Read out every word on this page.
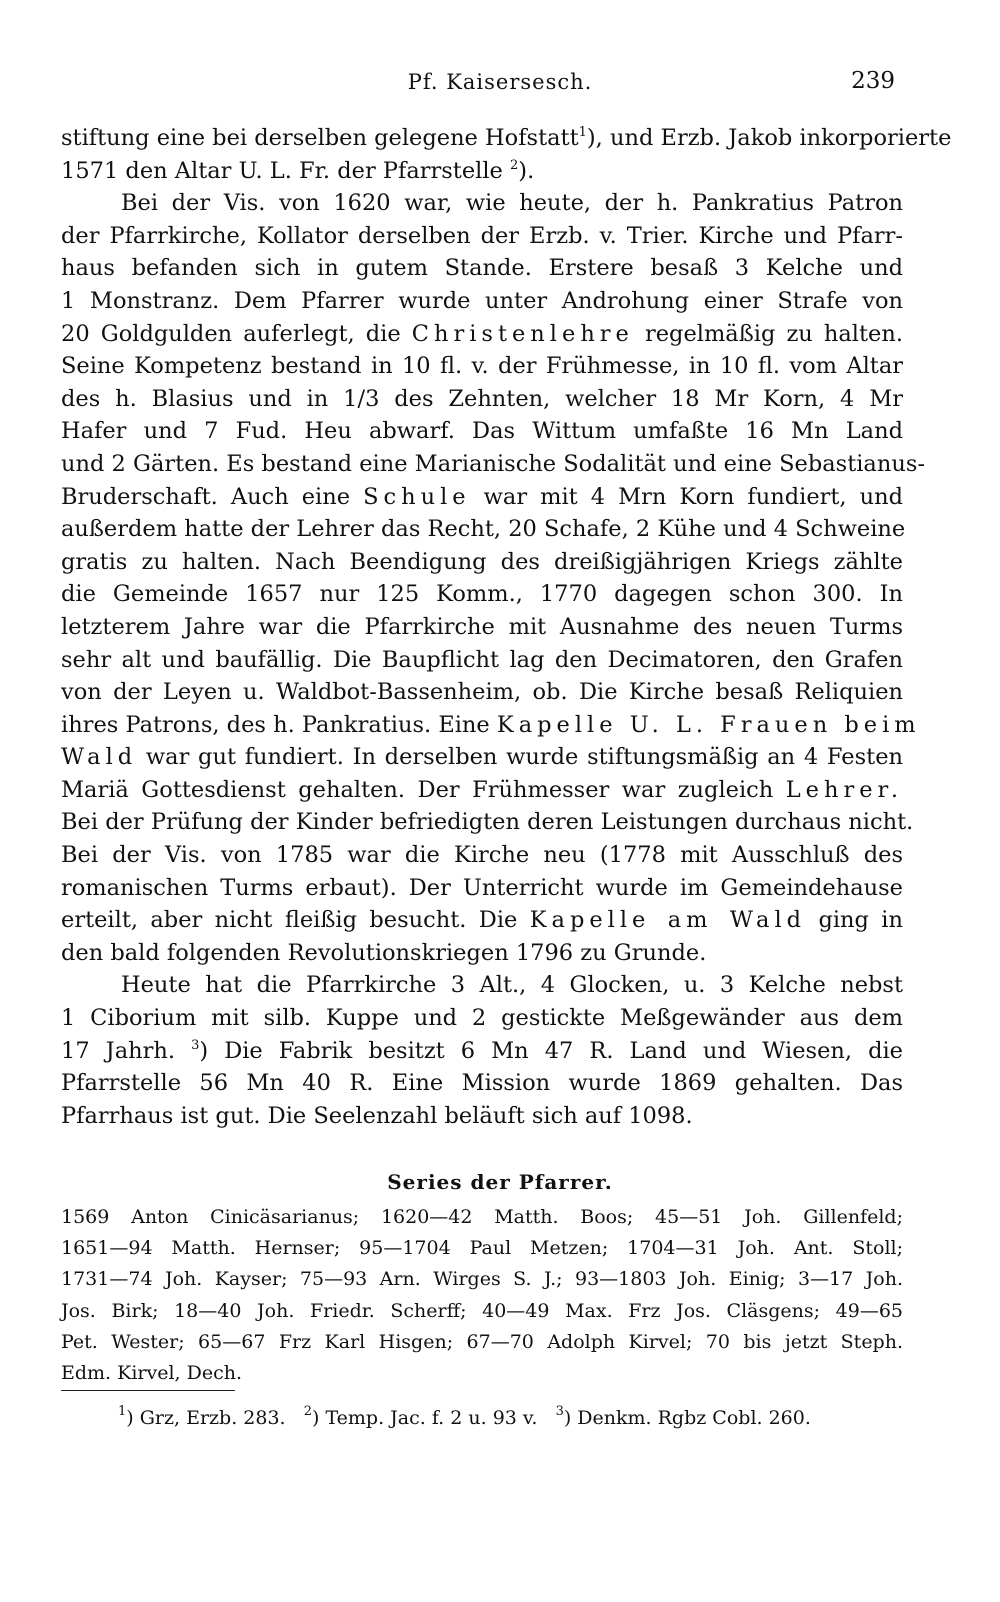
Pf. Kaisersesch.	239
stiftung eine bei derselben gelegene Hofstatt$^1$), und Erzb. Jakob inkorporierte
1571 den Altar U. L. Fr. der Pfarrstelle $^2$).
Bei der Vis. von 1620 war, wie heute, der h. Pankratius Patron
der Pfarrkirche, Kollator derselben der Erzb. v. Trier. Kirche und Pfarr-
haus befanden sich in gutem Stande. Erstere besaß 3 Kelche und
1 Monstranz. Dem Pfarrer wurde unter Androhung einer Strafe von
20 Goldgulden auferlegt, die Christenlehre regelmäßig zu halten.
Seine Kompetenz bestand in 10 fl. v. der Frühmesse, in 10 fl. vom Altar
des h. Blasius und in 1/3 des Zehnten, welcher 18 Mr Korn, 4 Mr
Hafer und 7 Fud. Heu abwarf. Das Wittum umfaßte 16 Mn Land
und 2 Gärten. Es bestand eine Marianische Sodalität und eine Sebastianus-
Bruderschaft. Auch eine Schule war mit 4 Mrn Korn fundiert, und
außerdem hatte der Lehrer das Recht, 20 Schafe, 2 Kühe und 4 Schweine
gratis zu halten. Nach Beendigung des dreißigjährigen Kriegs zählte
die Gemeinde 1657 nur 125 Komm., 1770 dagegen schon 300. In
letzterem Jahre war die Pfarrkirche mit Ausnahme des neuen Turms
sehr alt und baufällig. Die Baupflicht lag den Decimatoren, den Grafen
von der Leyen u. Waldbot-Bassenheim, ob. Die Kirche besaß Reliquien
ihres Patrons, des h. Pankratius. Eine Kapelle U. L. Frauen beim
Wald war gut fundiert. In derselben wurde stiftungsmäßig an 4 Festen
Mariä Gottesdienst gehalten. Der Frühmesser war zugleich Lehrer.
Bei der Prüfung der Kinder befriedigten deren Leistungen durchaus nicht.
Bei der Vis. von 1785 war die Kirche neu (1778 mit Ausschluß des
romanischen Turms erbaut). Der Unterricht wurde im Gemeindehause
erteilt, aber nicht fleißig besucht. Die Kapelle am Wald ging in
den bald folgenden Revolutionskriegen 1796 zu Grunde.
Heute hat die Pfarrkirche 3 Alt., 4 Glocken, u. 3 Kelche nebst
1 Ciborium mit silb. Kuppe und 2 gestickte Meßgewänder aus dem
17 Jahrh. $^3$) Die Fabrik besitzt 6 Mn 47 R. Land und Wiesen, die
Pfarrstelle 56 Mn 40 R. Eine Mission wurde 1869 gehalten. Das
Pfarrhaus ist gut. Die Seelenzahl beläuft sich auf 1098.
Series der Pfarrer.
1569 Anton Cinicäsarianus; 1620—42 Matth. Boos; 45—51 Joh. Gillenfeld;
1651—94 Matth. Hernser; 95—1704 Paul Metzen; 1704—31 Joh. Ant. Stoll;
1731—74 Joh. Kayser; 75—93 Arn. Wirges S. J.; 93—1803 Joh. Einig; 3—17 Joh.
Jos. Birk; 18—40 Joh. Friedr. Scherff; 40—49 Max. Frz Jos. Cläsgens; 49—65
Pet. Wester; 65—67 Frz Karl Hisgen; 67—70 Adolph Kirvel; 70 bis jetzt Steph.
Edm. Kirvel, Dech.
$^1$) Grz, Erzb. 283. $^2$) Temp. Jac. f. 2 u. 93 v. $^3$) Denkm. Rgbz Cobl. 260.
